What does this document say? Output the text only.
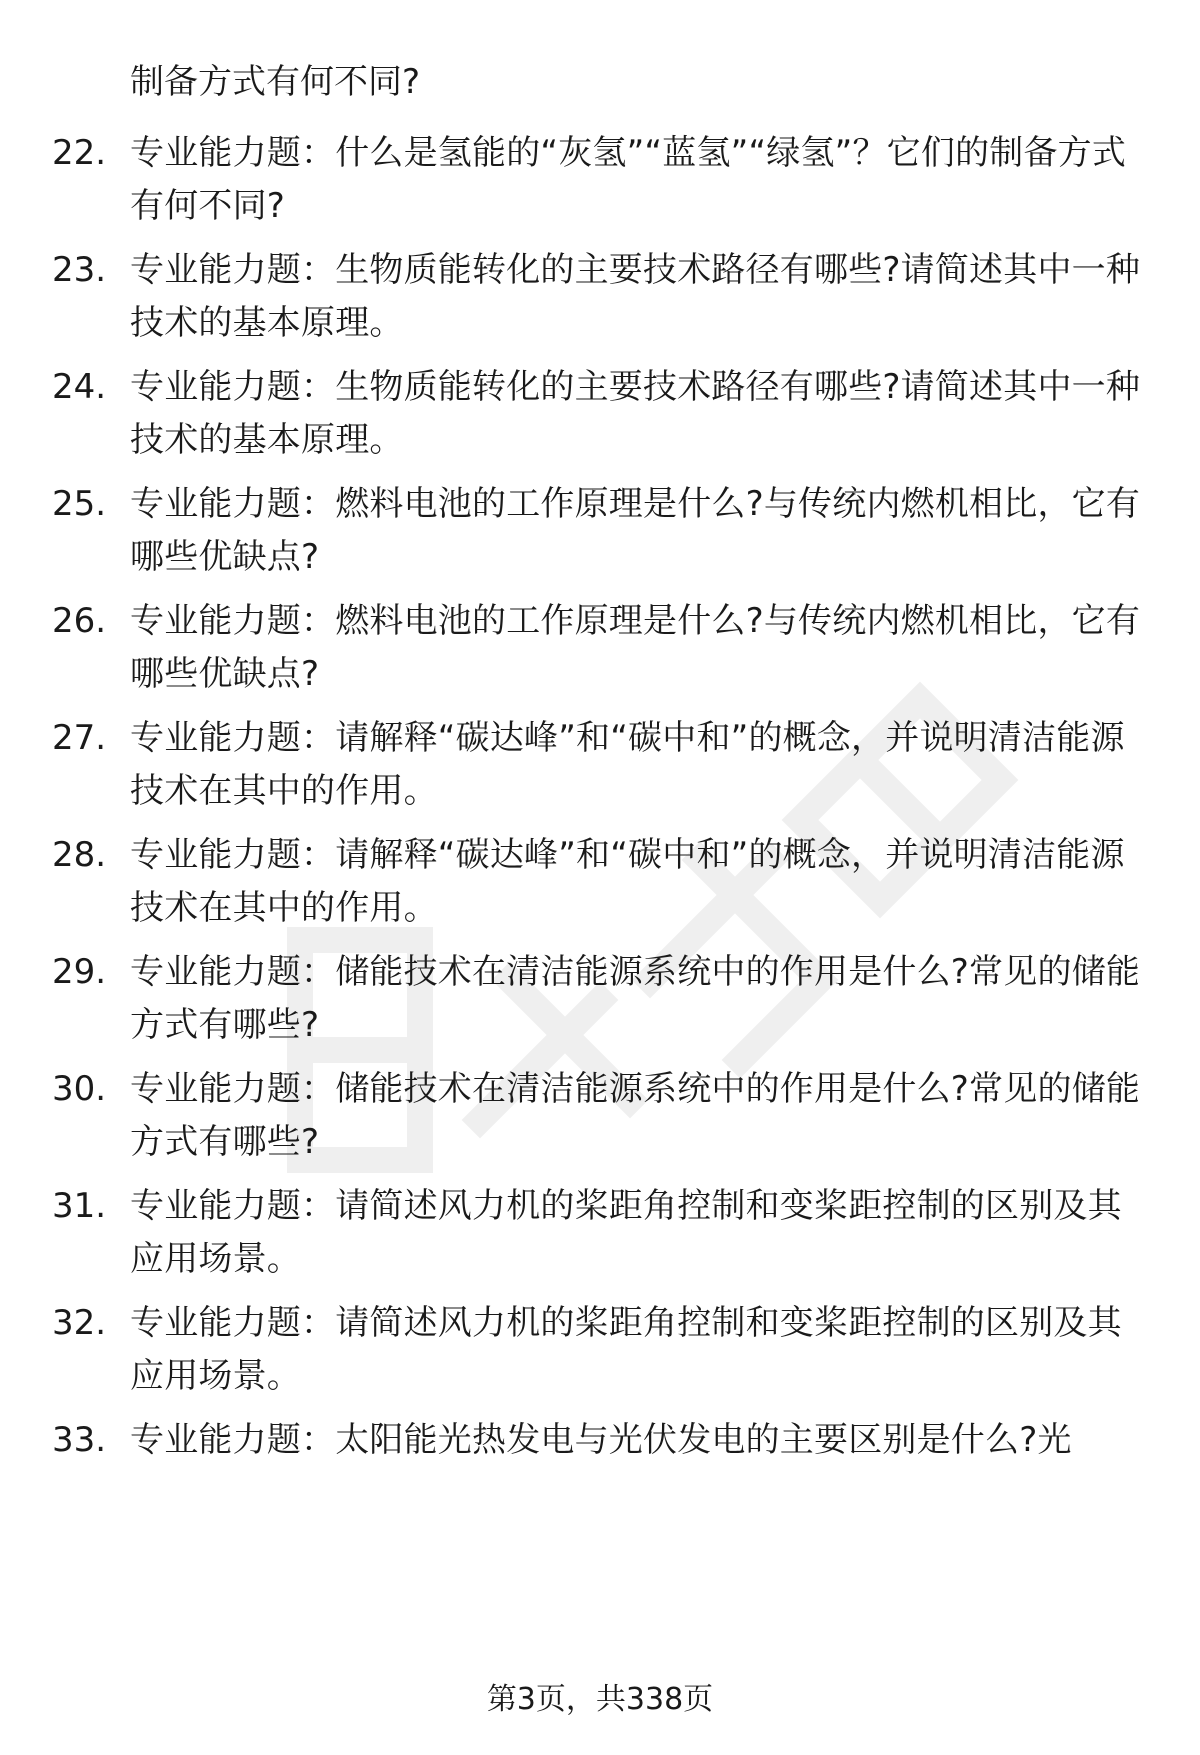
制备方式有何不同?
22. 专业能力题：什么是氢能的“灰氢”“蓝氢”“绿氢”？它们的制备方式有何不同?
23. 专业能力题：生物质能转化的主要技术路径有哪些?请简述其中一种技术的基本原理。
24. 专业能力题：生物质能转化的主要技术路径有哪些?请简述其中一种技术的基本原理。
25. 专业能力题：燃料电池的工作原理是什么?与传统内燃机相比，它有哪些优缺点?
26. 专业能力题：燃料电池的工作原理是什么?与传统内燃机相比，它有哪些优缺点?
27. 专业能力题：请解释“碳达峰”和“碳中和”的概念，并说明清洁能源技术在其中的作用。
28. 专业能力题：请解释“碳达峰”和“碳中和”的概念，并说明清洁能源技术在其中的作用。
29. 专业能力题：储能技术在清洁能源系统中的作用是什么?常见的储能方式有哪些?
30. 专业能力题：储能技术在清洁能源系统中的作用是什么?常见的储能方式有哪些?
31. 专业能力题：请简述风力机的桨距角控制和变桨距控制的区别及其应用场景。
32. 专业能力题：请简述风力机的桨距角控制和变桨距控制的区别及其应用场景。
33. 专业能力题：太阳能光热发电与光伏发电的主要区别是什么?光
第3页，共338页
